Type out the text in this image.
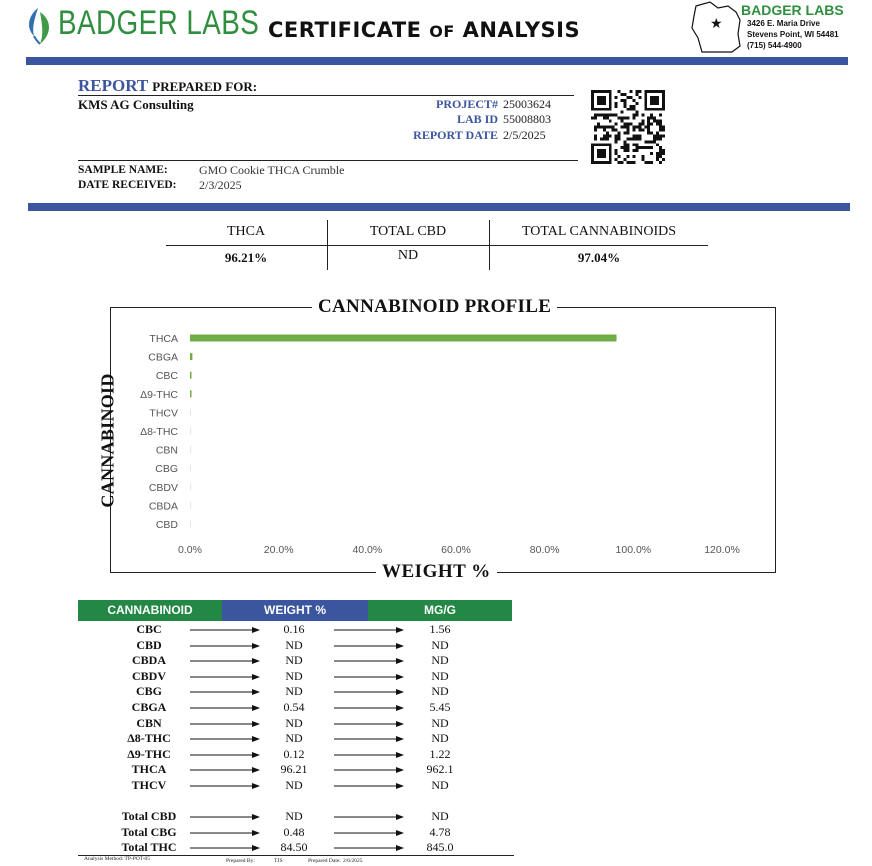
BADGER LABS CERTIFICATE OF ANALYSIS	★
BADGER LABS
3426 E. Maria Drive
Stevens Point, WI 54481
(715) 544-4900
REPORT PREPARED FOR:
KMS AG Consulting	PROJECT# 25003624
LAB ID 55008803
REPORT DATE 2/5/2025
SAMPLE NAME:	GMO Cookie THCA Crumble
DATE RECEIVED: 2/3/2025
THCA	TOTAL CBD	TOTAL CANNABINOIDS
96.21%	ND	97.04%
CANNABINOID PROFILE
WEIGHT %
CANNABINOID
THCA
CBGA
CBC
Δ9-THC
THCV
Δ8-THC
CBN
CBG
CBDV
CBDA
CBD
0.0%	20.0%	40.0%	60.0%	80.0%	100.0%	120.0%
CANNABINOID	WEIGHT %	MG/G
CBC	0.16	1.56
CBD	ND	ND
CBDA	ND	ND
CBDV	ND	ND
CBG	ND	ND
CBGA	0.54	5.45
CBN	ND	ND
Δ8-THC	ND	ND
Δ9-THC	0.12	1.22
THCA	96.21	962.1
THCV	ND	ND
Total CBD	ND	ND
Total CBG	0.48	4.78
Total THC	84.50	845.0
Analysis Method: TP-POT-05	Prepared By:	TJS	Prepared Date: 2/6/2025
